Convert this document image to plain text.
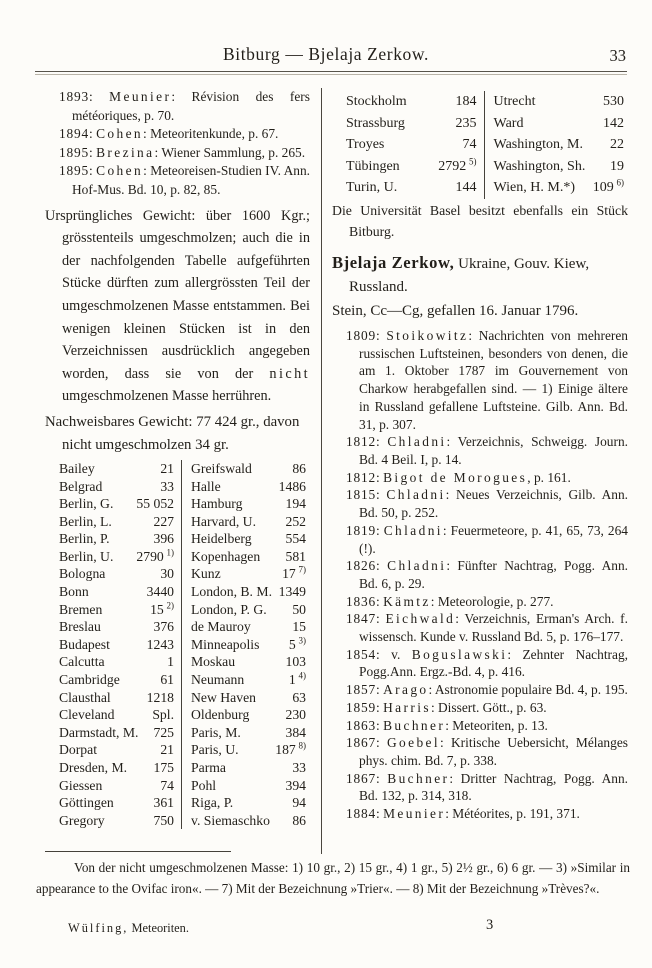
Bitburg — Bjelaja Zerkow.	33
1893: Meunier: Révision des fers météoriques, p. 70.
1894: Cohen: Meteoritenkunde, p. 67.
1895: Brezina: Wiener Sammlung, p. 265.
1895: Cohen: Meteoreisen-Studien IV. Ann. Hof-Mus. Bd. 10, p. 82, 85.
Ursprüngliches Gewicht: über 1600 Kgr.; grösstenteils umgeschmolzen; auch die in der nachfolgenden Tabelle aufgeführten Stücke dürften zum allergrössten Teil der umgeschmolzenen Masse entstammen. Bei wenigen kleinen Stücken ist in den Verzeichnissen ausdrücklich angegeben worden, dass sie von der nicht umgeschmolzenen Masse herrühren.
Nachweisbares Gewicht: 77 424 gr., davon nicht umgeschmolzen 34 gr.
Bailey	21 Greifswald	86
Belgrad	33 Halle	1486
Berlin, G. 55 052 Hamburg	194
Berlin, L.	227 Harvard, U. 252
Berlin, P.	396 Heidelberg 554
Berlin, U. 2790 $^{1)}$ Kopenhagen 581
Bologna	30 Kunz	17 $^{7)}$
Bonn	3440 London, B. M. 1349
Bremen	15 $^{2)}$ London, P. G. 50
Breslau	376 de Mauroy	15
Budapest	1243 Minneapolis 5 $^{3)}$
Calcutta	1 Moskau	103
Cambridge	61 Neumann	1 $^{4)}$
Clausthal	1218 New Haven	63
Cleveland	Spl. Oldenburg	230
Darmstadt, M. 725 Paris, M.	384
Dorpat	21 Paris, U.	187 $^{8)}$
Dresden, M. 175 Parma	33
Giessen	74 Pohl	394
Göttingen	361 Riga, P.	94
Gregory	750 v. Siemaschko 86
Stockholm	184 Utrecht	530
Strassburg	235 Ward	142
Troyes	74 Washington, M. 22
Tübingen	2792 $^{5)}$ Washington, Sh. 19
Turin, U.	144 Wien, H. M.*) 109 $^{6)}$
Die Universität Basel besitzt ebenfalls ein Stück Bitburg.
Bjelaja Zerkow, Ukraine, Gouv. Kiew, Russland.
Stein, Cc—Cg, gefallen 16. Januar 1796.
1809: Stoikowitz: Nachrichten von mehreren russischen Luftsteinen, besonders von denen, die am 1. Oktober 1787 im Gouvernement von Charkow herabgefallen sind. — 1) Einige ältere in Russland gefallene Luftsteine. Gilb. Ann. Bd. 31, p. 307.
1812: Chladni: Verzeichnis, Schweigg. Journ. Bd. 4 Beil. I, p. 14.
1812: Bigot de Morogues, p. 161.
1815: Chladni: Neues Verzeichnis, Gilb. Ann. Bd. 50, p. 252.
1819: Chladni: Feuermeteore, p. 41, 65, 73, 264 (!).
1826: Chladni: Fünfter Nachtrag, Pogg. Ann. Bd. 6, p. 29.
1836: Kämtz: Meteorologie, p. 277.
1847: Eichwald: Verzeichnis, Erman's Arch. f. wissensch. Kunde v. Russland Bd. 5, p. 176–177.
1854: v. Boguslawski: Zehnter Nachtrag, Pogg.Ann. Ergz.-Bd. 4, p. 416.
1857: Arago: Astronomie populaire Bd. 4, p. 195.
1859: Harris: Dissert. Gött., p. 63.
1863: Buchner: Meteoriten, p. 13.
1867: Goebel: Kritische Uebersicht, Mélanges phys. chim. Bd. 7, p. 338.
1867: Buchner: Dritter Nachtrag, Pogg. Ann. Bd. 132, p. 314, 318.
1884: Meunier: Météorites, p. 191, 371.
Von der nicht umgeschmolzenen Masse: 1) 10 gr., 2) 15 gr., 4) 1 gr., 5) 2½ gr., 6) 6 gr. — 3) »Similar in appearance to the Ovifac iron«. — 7) Mit der Bezeichnung »Trier«. — 8) Mit der Bezeichnung »Trèves?«.
Wülfing, Meteoriten.	3
